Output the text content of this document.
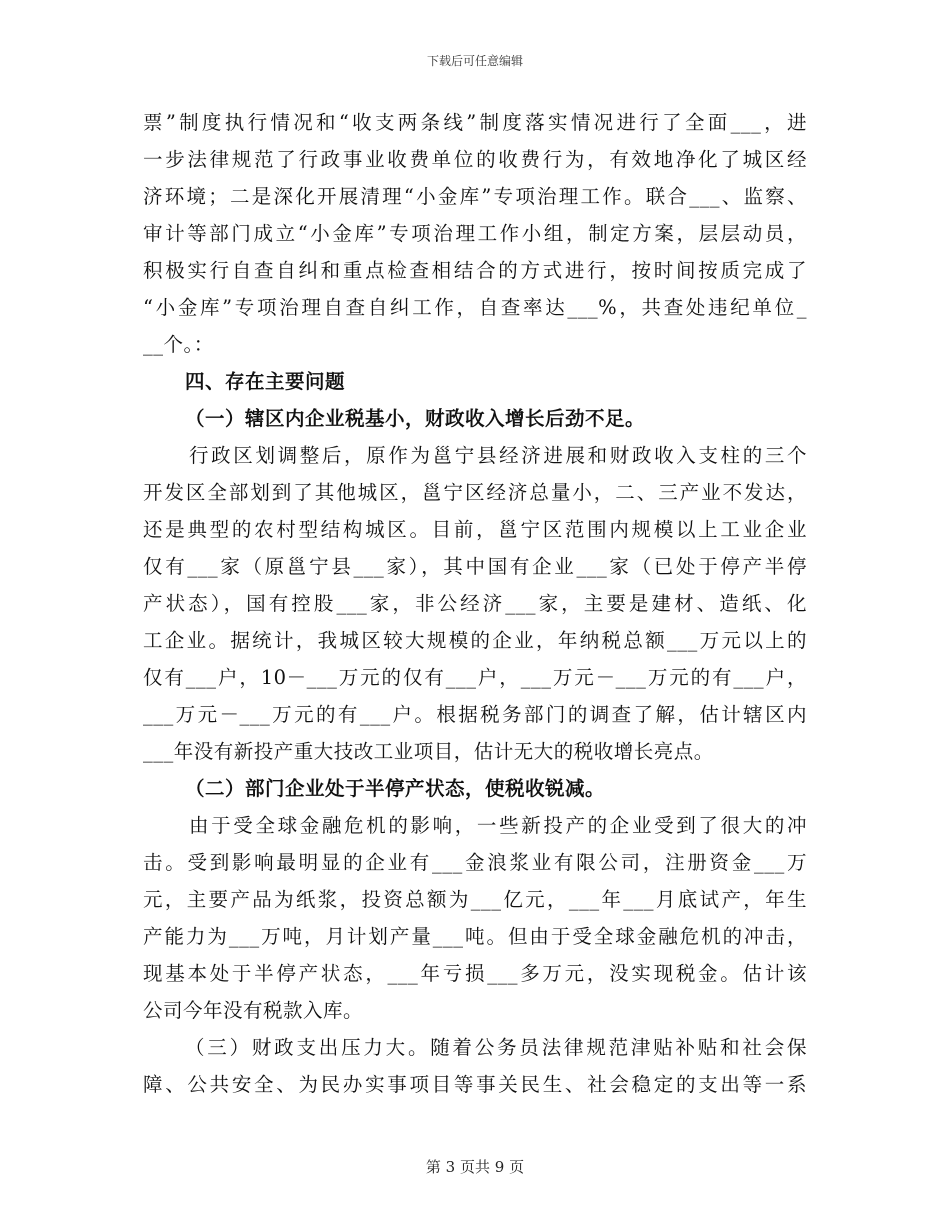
下载后可任意编辑
票”制度执行情况和“收支两条线”制度落实情况进行了全面___，进
一步法律规范了行政事业收费单位的收费行为，有效地净化了城区经
济环境；二是深化开展清理“小金库”专项治理工作。联合___、监察、
审计等部门成立“小金库”专项治理工作小组，制定方案，层层动员，
积极实行自查自纠和重点检查相结合的方式进行，按时间按质完成了
“小金库”专项治理自查自纠工作，自查率达___%，共查处违纪单位_
__个。：
四、存在主要问题
（一）辖区内企业税基小，财政收入增长后劲不足。
行政区划调整后，原作为邕宁县经济进展和财政收入支柱的三个
开发区全部划到了其他城区，邕宁区经济总量小，二、三产业不发达，
还是典型的农村型结构城区。目前，邕宁区范围内规模以上工业企业
仅有___家（原邕宁县___家），其中国有企业___家（已处于停产半停
产状态），国有控股___家，非公经济___家，主要是建材、造纸、化
工企业。据统计，我城区较大规模的企业，年纳税总额___万元以上的
仅有___户，10－___万元的仅有___户，___万元－___万元的有___户，
___万元－___万元的有___户。根据税务部门的调查了解，估计辖区内
___年没有新投产重大技改工业项目，估计无大的税收增长亮点。
（二）部门企业处于半停产状态，使税收锐减。
由于受全球金融危机的影响，一些新投产的企业受到了很大的冲
击。受到影响最明显的企业有___金浪浆业有限公司，注册资金___万
元，主要产品为纸浆，投资总额为___亿元，___年___月底试产，年生
产能力为___万吨，月计划产量___吨。但由于受全球金融危机的冲击，
现基本处于半停产状态，___年亏损___多万元，没实现税金。估计该
公司今年没有税款入库。
（三）财政支出压力大。随着公务员法律规范津贴补贴和社会保
障、公共安全、为民办实事项目等事关民生、社会稳定的支出等一系
第 3 页共 9 页
